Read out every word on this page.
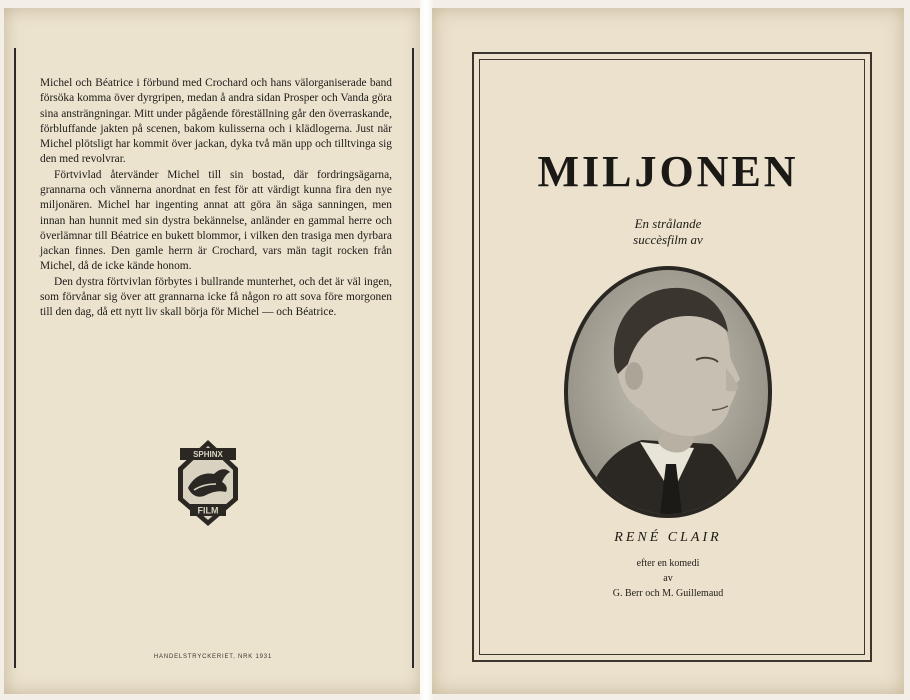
Michel och Béatrice i förbund med Crochard och hans välorganiserade band försöka komma över dyrgripen, medan å andra sidan Prosper och Vanda göra sina ansträngningar. Mitt under pågående föreställning går den överraskande, förbluffande jakten på scenen, bakom kulisserna och i klädlogerna. Just när Michel plötsligt har kommit över jackan, dyka två män upp och tilltvinga sig den med revolvrar.

Förtvivlad återvänder Michel till sin bostad, där fordringsägarna, grannarna och vännerna anordnat en fest för att värdigt kunna fira den nye miljonären. Michel har ingenting annat att göra än säga sanningen, men innan han hunnit med sin dystra bekännelse, anländer en gammal herre och överlämnar till Béatrice en bukett blommor, i vilken den trasiga men dyrbara jackan finnes. Den gamle herrn är Crochard, vars män tagit rocken från Michel, då de icke kände honom.

Den dystra förtvivlan förbytes i bullrande munterhet, och det är väl ingen, som förvånar sig över att grannarna icke få någon ro att sova före morgonen till den dag, då ett nytt liv skall börja för Michel — och Béatrice.

SPHINX
FILM
HANDELSTRYCKERIET, NRK 1931
MILJONEN
En strålande
succèsfilm av
RENÉ CLAIR
efter en komedi
av
G. Berr och M. Guillemaud
